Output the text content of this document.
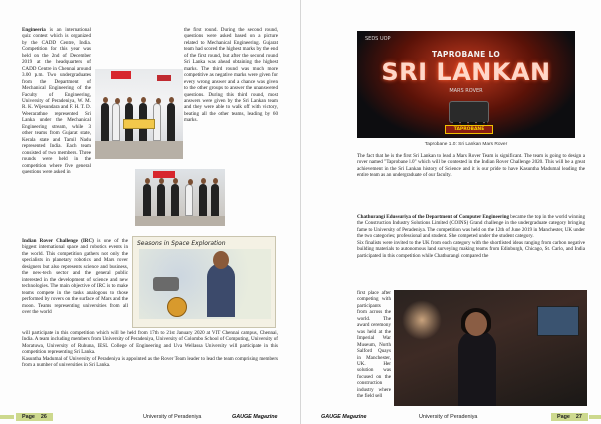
Engineeria is an international quiz contest which is organized by the CADD Centre, India. Competition for this year was held on the 2nd of December 2019 at the headquarters of CADD Centre in Chennai around 3.00 p.m. Two undergraduates from the Department of Mechanical Engineering of the Faculty of Engineering, University of Peradeniya, W. M. R. K. Wijesundara and F. H. T. D. Weerarathne represented Sri Lanka under the Mechanical Engineering stream, while 3 other teams from Gujarat state, Kerala state and Tamil Nadu represented India. Each team consisted of two members. Three rounds were held in the competition where five general questions were asked in
the first round. During the second round, questions were asked based on a picture related to Mechanical Engineering. Gujarat team had scored the highest marks by the end of the first round, but after the second round Sri Lanka was ahead obtaining the highest marks. The third round was much more competitive as negative marks were given for every wrong answer and a chance was given to the other groups to answer the unanswered questions. During this third round, most answers were given by the Sri Lankan team and they were able to walk off with victory, beating all the other teams, leading by 60 marks.
Indian Rover Challenge (IRC) is one of the biggest international space and robotics events in the world. This competition gathers not only the specialists in planetary robotics and Mars rover designers but also represents science and business, the new-tech sector and the general public interested in the development of science and new technologies. The main objective of IRC is to make teams compete in the tasks analogous to those performed by rovers on the surface of Mars and the moon. Teams representing universities from all over the world
Seasons in Space Exploration
will participate in this competition which will be held from 17th to 21st January 2020 at VIT Chennai campus, Chennai, India. A team including members from University of Peradeniya, University of Colombo School of Computing, University of Moratuwa, University of Ruhuna, IESL College of Engineering and Uva Wellassa University will participate in this competition representing Sri Lanka.
Kasuntha Madumal of University of Peradeniya is appointed as the Rover Team leader to lead the team comprising members from a number of universities in Sri Lanka.
Page 26	University of Peradeniya	GAUGE Magazine
SEDS UOP
TAPROBANE LO
SRI LANKAN
MARS ROVER
TAPROBANE
Taprobane 1.0: Sri Lankan Mars Rover
The fact that he is the first Sri Lankan to lead a Mars Rover Team is significant. The team is going to design a rover named "Taprobane l.0" which will be contested in the Indian Rover Challenge 2020. This will be a great achievement in the Sri Lankan history of Science and it is our pride to have Kasuntha Madumal leading the entire team as an undergraduate of our faculty.
Chathurangi Edussuriya of the Department of Computer Engineering became the top in the world winning the Construction Industry Solutions Limited (COINS) Grand challenge in the undergraduate category bringing fame to University of Peradeniya. The competition was held on the 12th of June 2019 in Manchester, UK under the two categories; professional and student. She competed under the student category.
Six finalists were invited to the UK from each category with the shortlisted ideas ranging from carbon negative building materials to autonomous land surveying making teams from Edinburgh, Chicago, St. Carlo, and India participated in this competition while Chathurangi compared the
first place after competing with participants from across the world. The award ceremony was held at the Imperial War Museum, North Salford Quays in Manchester, UK. Her solution was focused on the construction industry where the field sell
GAUGE Magazine	University of Peradeniya	Page 27
